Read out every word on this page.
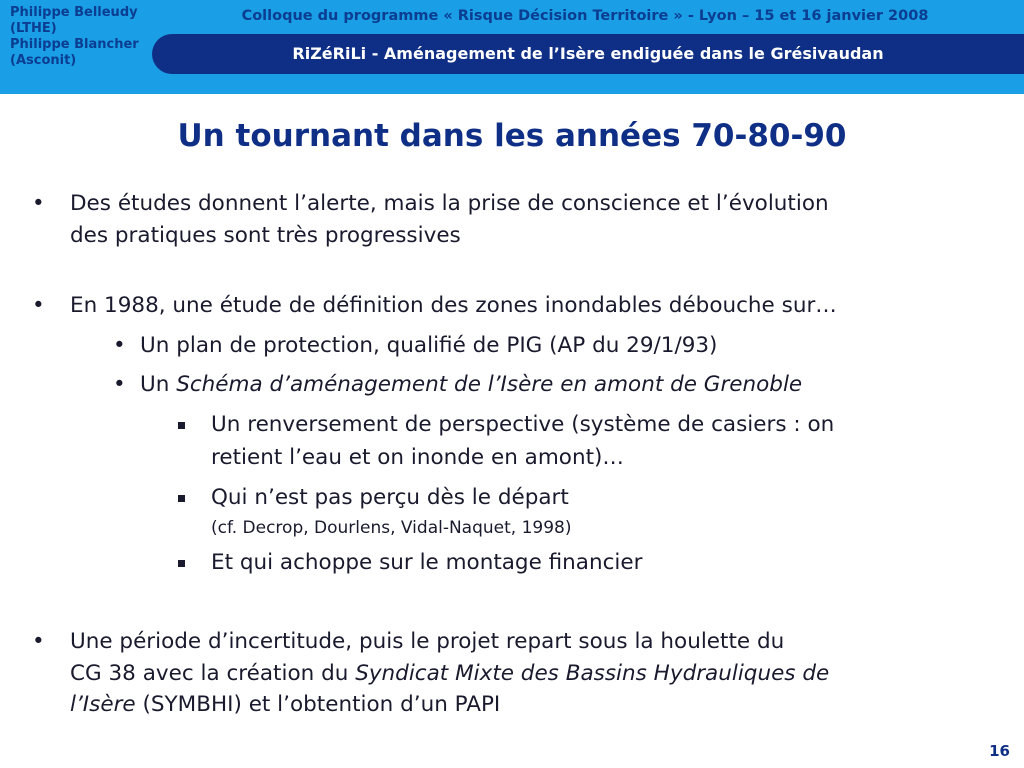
Philippe Belleudy
(LTHE)
Philippe Blancher
(Asconit)
Colloque du programme « Risque Décision Territoire » - Lyon – 15 et 16 janvier 2008
RiZéRiLi - Aménagement de l’Isère endiguée dans le Grésivaudan
Un tournant dans les années 70-80-90
• Des études donnent l’alerte, mais la prise de conscience et l’évolution
des pratiques sont très progressives
• En 1988, une étude de définition des zones inondables débouche sur…
• Un plan de protection, qualifié de PIG (AP du 29/1/93)
• Un Schéma d’aménagement de l’Isère en amont de Grenoble
Un renversement de perspective (système de casiers : on
retient l’eau et on inonde en amont)…
Qui n’est pas perçu dès le départ
(cf. Decrop, Dourlens, Vidal-Naquet, 1998)
Et qui achoppe sur le montage financier
• Une période d’incertitude, puis le projet repart sous la houlette du
CG 38 avec la création du Syndicat Mixte des Bassins Hydrauliques de
l’Isère (SYMBHI) et l’obtention d’un PAPI
16
